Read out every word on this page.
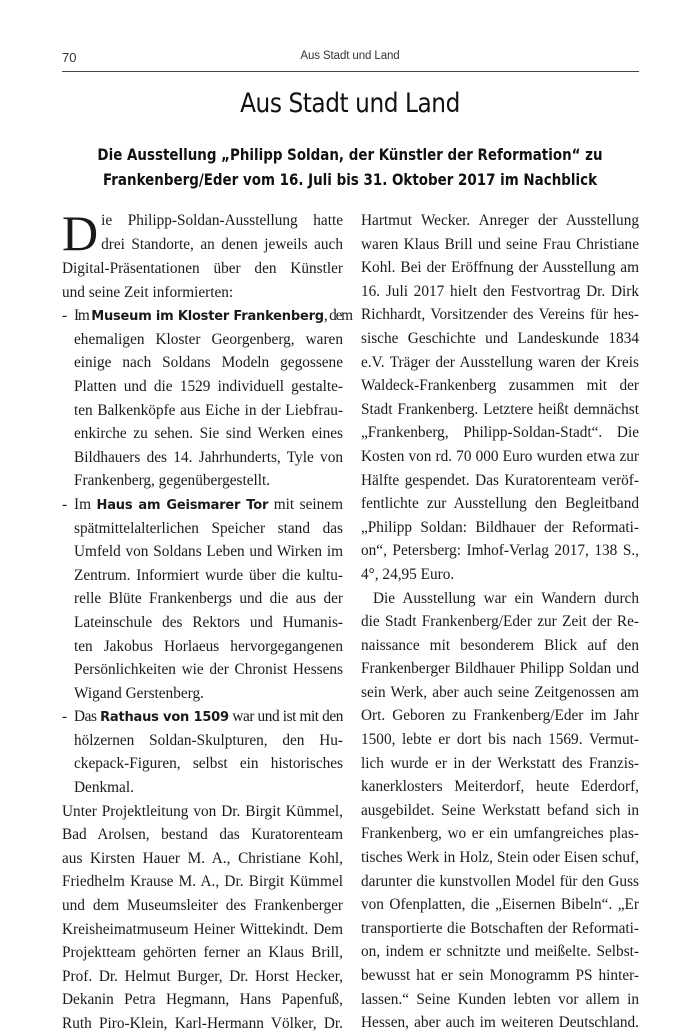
70	Aus Stadt und Land
Aus Stadt und Land
Die Ausstellung „Philipp Soldan, der Künstler der Reformation“ zu
Frankenberg/Eder vom 16. Juli bis 31. Oktober 2017 im Nachblick
D ie Philipp-Soldan-Ausstellung hatte
drei Standorte, an denen jeweils auch
Digital-Präsentationen über den Künstler
und seine Zeit informierten:
- Im Museum im Kloster Frankenberg, dem
ehemaligen Kloster Georgenberg, waren
einige nach Soldans Modeln gegossene
Platten und die 1529 individuell gestalte-
ten Balkenköpfe aus Eiche in der Liebfrau-
enkirche zu sehen. Sie sind Werken eines
Bildhauers des 14. Jahrhunderts, Tyle von
Frankenberg, gegenübergestellt.
- Im Haus am Geismarer Tor mit seinem
spätmittelalterlichen Speicher stand das
Umfeld von Soldans Leben und Wirken im
Zentrum. Informiert wurde über die kultu-
relle Blüte Frankenbergs und die aus der
Lateinschule des Rektors und Humanis-
ten Jakobus Horlaeus hervorgegangenen
Persönlichkeiten wie der Chronist Hessens
Wigand Gerstenberg.
- Das Rathaus von 1509 war und ist mit den
hölzernen Soldan-Skulpturen, den Hu-
ckepack-Figuren, selbst ein historisches
Denkmal.
Unter Projektleitung von Dr. Birgit Kümmel,
Bad Arolsen, bestand das Kuratorenteam
aus Kirsten Hauer M. A., Christiane Kohl,
Friedhelm Krause M. A., Dr. Birgit Kümmel
und dem Museumsleiter des Frankenberger
Kreisheimatmuseum Heiner Wittekindt. Dem
Projektteam gehörten ferner an Klaus Brill,
Prof. Dr. Helmut Burger, Dr. Horst Hecker,
Dekanin Petra Hegmann, Hans Papenfuß,
Ruth Piro-Klein, Karl-Hermann Völker, Dr.
Hartmut Wecker. Anreger der Ausstellung
waren Klaus Brill und seine Frau Christiane
Kohl. Bei der Eröffnung der Ausstellung am
16. Juli 2017 hielt den Festvortrag Dr. Dirk
Richhardt, Vorsitzender des Vereins für hes-
sische Geschichte und Landeskunde 1834
e.V. Träger der Ausstellung waren der Kreis
Waldeck-Frankenberg zusammen mit der
Stadt Frankenberg. Letztere heißt demnächst
„Frankenberg, Philipp-Soldan-Stadt“. Die
Kosten von rd. 70 000 Euro wurden etwa zur
Hälfte gespendet. Das Kuratorenteam veröf-
fentlichte zur Ausstellung den Begleitband
„Philipp Soldan: Bildhauer der Reformati-
on“, Petersberg: Imhof-Verlag 2017, 138 S.,
4°, 24,95 Euro.
Die Ausstellung war ein Wandern durch
die Stadt Frankenberg/Eder zur Zeit der Re-
naissance mit besonderem Blick auf den
Frankenberger Bildhauer Philipp Soldan und
sein Werk, aber auch seine Zeitgenossen am
Ort. Geboren zu Frankenberg/Eder im Jahr
1500, lebte er dort bis nach 1569. Vermut-
lich wurde er in der Werkstatt des Franzis-
kanerklosters Meiterdorf, heute Ederdorf,
ausgebildet. Seine Werkstatt befand sich in
Frankenberg, wo er ein umfangreiches plas-
tisches Werk in Holz, Stein oder Eisen schuf,
darunter die kunstvollen Model für den Guss
von Ofenplatten, die „Eisernen Bibeln“. „Er
transportierte die Botschaften der Reformati-
on, indem er schnitzte und meißelte. Selbst-
bewusst hat er sein Monogramm PS hinter-
lassen.“ Seine Kunden lebten vor allem in
Hessen, aber auch im weiteren Deutschland.
